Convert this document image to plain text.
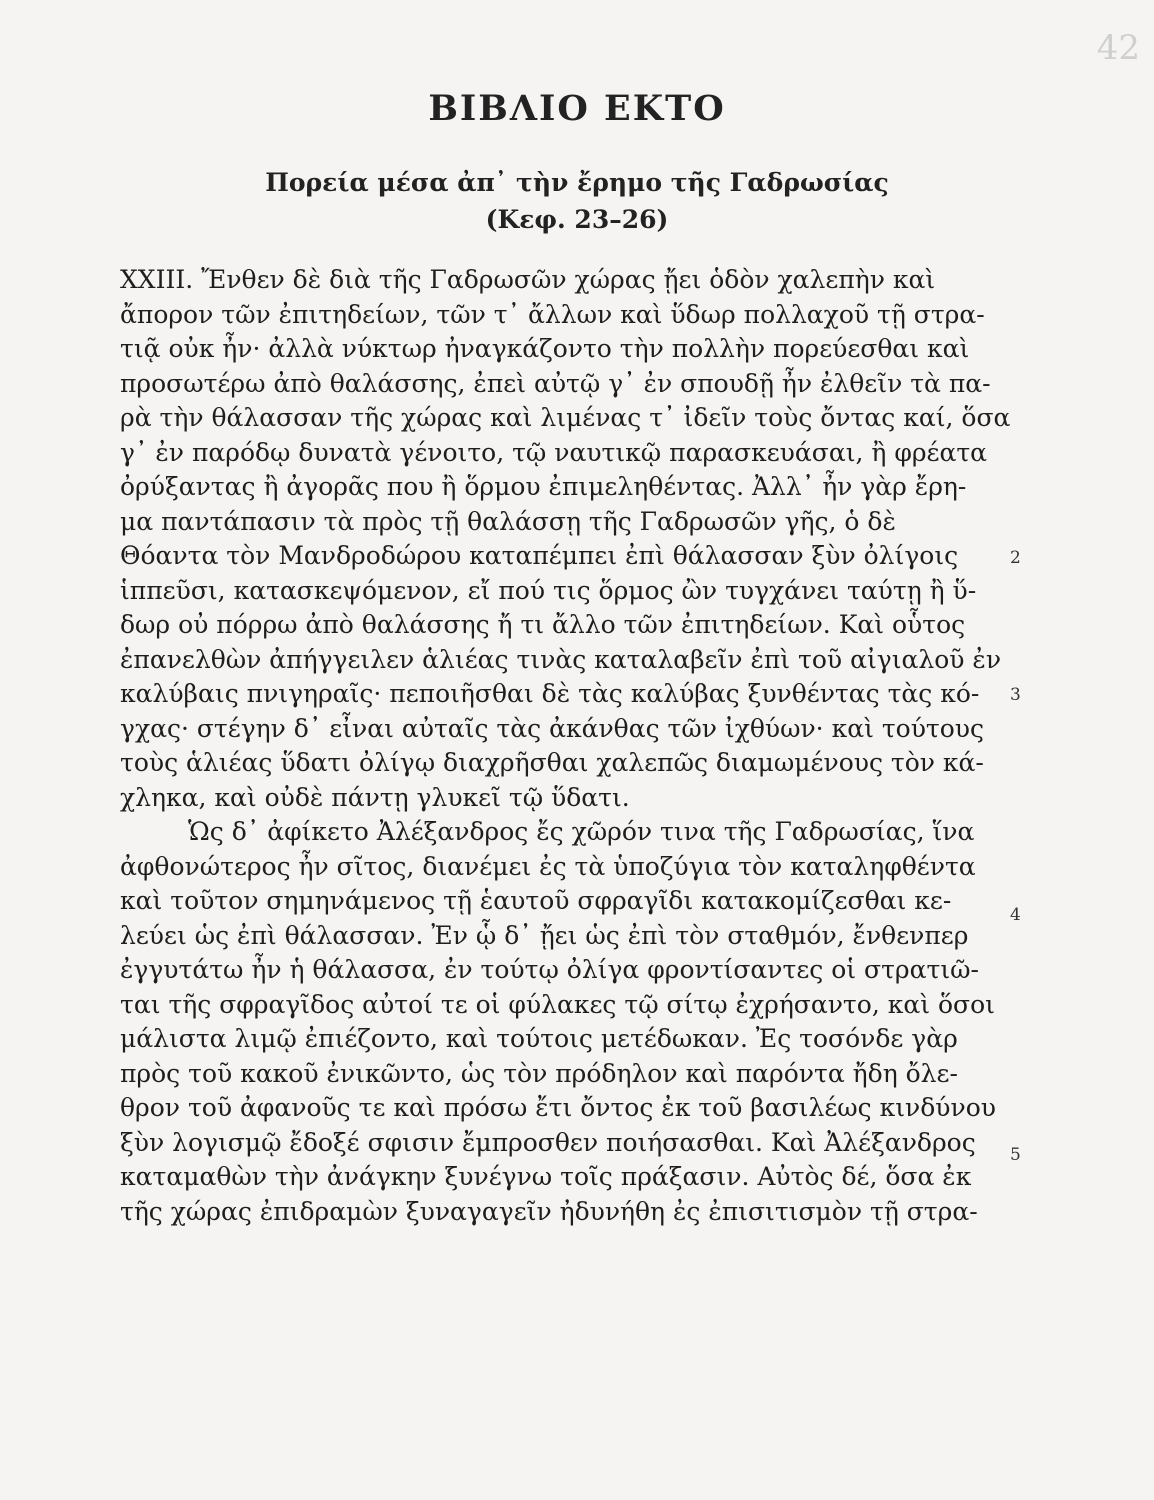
42
ΒΙΒΛΙΟ ΕΚΤΟ
Πορεία μέσα ἀπ᾽ τὴν ἔρημο τῆς Γαδρωσίας
(Κεφ. 23–26)
XXIII. Ἔνθεν δὲ διὰ τῆς Γαδρωσῶν χώρας ᾔει ὁδὸν χαλεπὴν καὶ
ἄπορον τῶν ἐπιτηδείων, τῶν τ᾽ ἄλλων καὶ ὕδωρ πολλαχοῦ τῇ στρα-
τιᾷ οὐκ ἦν· ἀλλὰ νύκτωρ ἠναγκάζοντο τὴν πολλὴν πορεύεσθαι καὶ
προσωτέρω ἀπὸ θαλάσσης, ἐπεὶ αὐτῷ γ᾽ ἐν σπουδῇ ἦν ἐλθεῖν τὰ πα-
ρὰ τὴν θάλασσαν τῆς χώρας καὶ λιμένας τ᾽ ἰδεῖν τοὺς ὄντας καί, ὅσα
γ᾽ ἐν παρόδῳ δυνατὰ γένοιτο, τῷ ναυτικῷ παρασκευάσαι, ἢ φρέατα
ὀρύξαντας ἢ ἀγορᾶς που ἢ ὅρμου ἐπιμεληθέντας. Ἀλλ᾽ ἦν γὰρ ἔρη-
μα παντάπασιν τὰ πρὸς τῇ θαλάσσῃ τῆς Γαδρωσῶν γῆς, ὁ δὲ
Θόαντα τὸν Μανδροδώρου καταπέμπει ἐπὶ θάλασσαν ξὺν ὀλίγοις
ἱππεῦσι, κατασκεψόμενον, εἴ πού τις ὅρμος ὢν τυγχάνει ταύτῃ ἢ ὕ-
δωρ οὐ πόρρω ἀπὸ θαλάσσης ἤ τι ἄλλο τῶν ἐπιτηδείων. Καὶ οὗτος
ἐπανελθὼν ἀπήγγειλεν ἁλιέας τινὰς καταλαβεῖν ἐπὶ τοῦ αἰγιαλοῦ ἐν
καλύβαις πνιγηραῖς· πεποιῆσθαι δὲ τὰς καλύβας ξυνθέντας τὰς κό-
γχας· στέγην δ᾽ εἶναι αὐταῖς τὰς ἀκάνθας τῶν ἰχθύων· καὶ τούτους
τοὺς ἁλιέας ὕδατι ὀλίγῳ διαχρῆσθαι χαλεπῶς διαμωμένους τὸν κά-
χληκα, καὶ οὐδὲ πάντῃ γλυκεῖ τῷ ὕδατι.
Ὡς δ᾽ ἀφίκετο Ἀλέξανδρος ἔς χῶρόν τινα τῆς Γαδρωσίας, ἵνα
ἀφθονώτερος ἦν σῖτος, διανέμει ἐς τὰ ὑποζύγια τὸν καταληφθέντα
καὶ τοῦτον σημηνάμενος τῇ ἑαυτοῦ σφραγῖδι κατακομίζεσθαι κε-
λεύει ὡς ἐπὶ θάλασσαν. Ἐν ᾧ δ᾽ ᾔει ὡς ἐπὶ τὸν σταθμόν, ἔνθενπερ
ἐγγυτάτω ἦν ἡ θάλασσα, ἐν τούτῳ ὀλίγα φροντίσαντες οἱ στρατιῶ-
ται τῆς σφραγῖδος αὐτοί τε οἱ φύλακες τῷ σίτῳ ἐχρήσαντο, καὶ ὅσοι
μάλιστα λιμῷ ἐπιέζοντο, καὶ τούτοις μετέδωκαν. Ἐς τοσόνδε γὰρ
πρὸς τοῦ κακοῦ ἐνικῶντο, ὡς τὸν πρόδηλον καὶ παρόντα ἤδη ὄλε-
θρον τοῦ ἀφανοῦς τε καὶ πρόσω ἔτι ὄντος ἐκ τοῦ βασιλέως κινδύνου
ξὺν λογισμῷ ἔδοξέ σφισιν ἔμπροσθεν ποιήσασθαι. Καὶ Ἀλέξανδρος
καταμαθὼν τὴν ἀνάγκην ξυνέγνω τοῖς πράξασιν. Αὐτὸς δέ, ὅσα ἐκ
τῆς χώρας ἐπιδραμὼν ξυναγαγεῖν ἠδυνήθη ἐς ἐπισιτισμὸν τῇ στρα-
2
3
4
5
